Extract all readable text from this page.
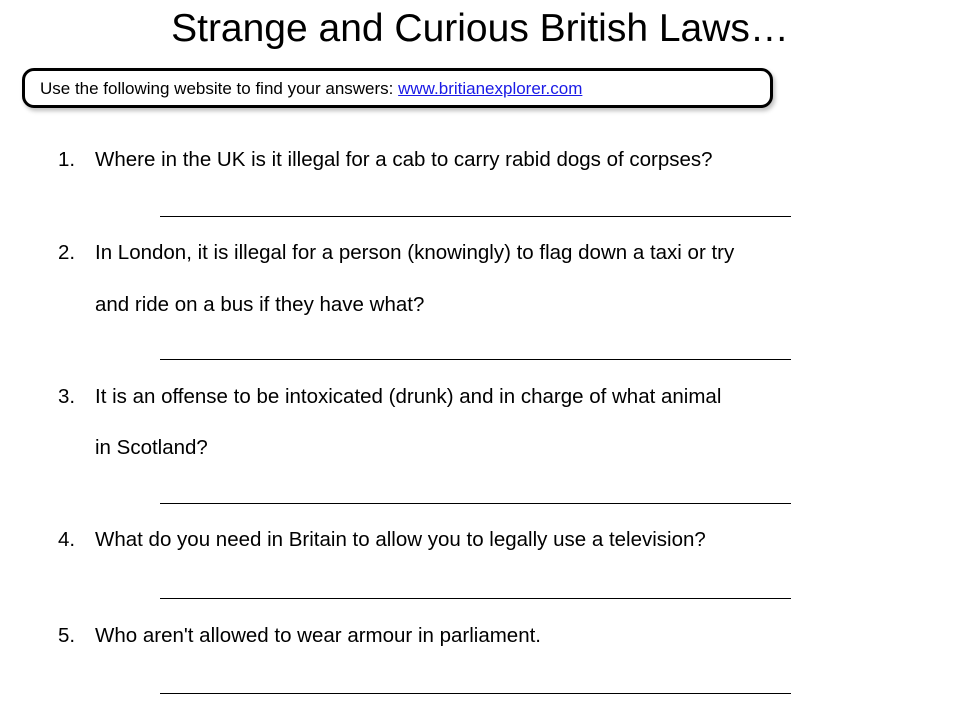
Strange and Curious British Laws…
Use the following website to find your answers: www.britianexplorer.com
1. Where in the UK is it illegal for a cab to carry rabid dogs of corpses?
2. In London, it is illegal for a person (knowingly) to flag down a taxi or try
and ride on a bus if they have what?
3. It is an offense to be intoxicated (drunk) and in charge of what animal
in Scotland?
4. What do you need in Britain to allow you to legally use a television?
5. Who aren't allowed to wear armour in parliament.
